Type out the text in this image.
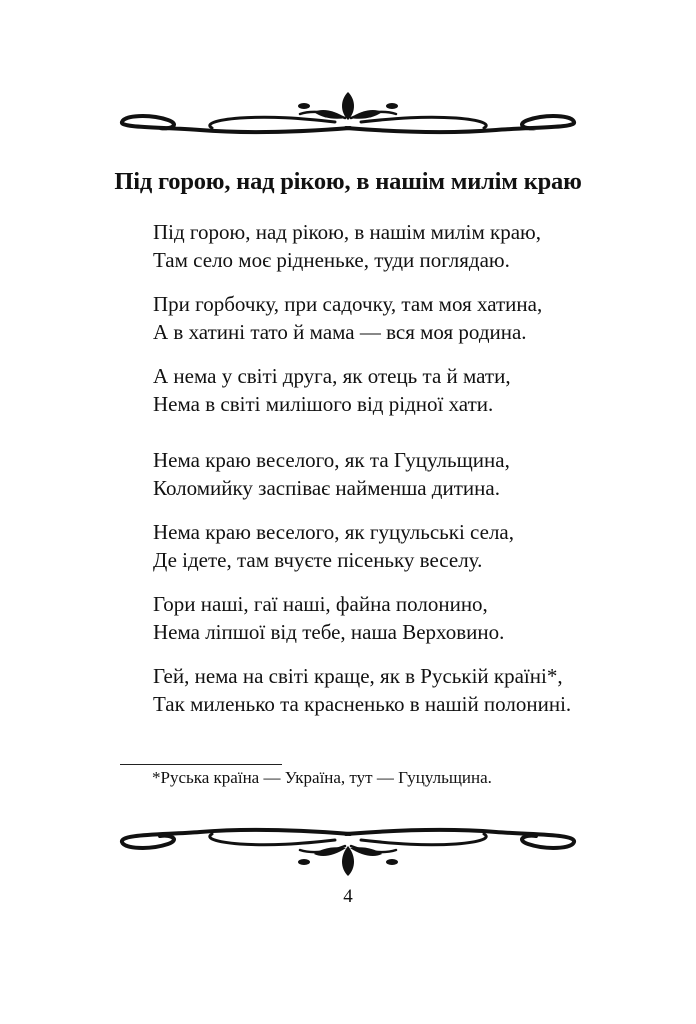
Під горою, над рікою, в нашім милім краю
Під горою, над рікою, в нашім милім краю,
Там село моє рідненьке, туди поглядаю.
При горбочку, при садочку, там моя хатина,
А в хатині тато й мама — вся моя родина.
А нема у світі друга, як отець та й мати,
Нема в світі милішого від рідної хати.
Нема краю веселого, як та Гуцульщина,
Коломийку заспіває найменша дитина.
Нема краю веселого, як гуцульські села,
Де ідете, там вчуєте пісеньку веселу.
Гори наші, гаї наші, файна полонино,
Нема ліпшої від тебе, наша Верховино.
Гей, нема на світі краще, як в Руській країні*,
Так миленько та красненько в нашій полонині.
*Руська країна — Україна, тут — Гуцульщина.
4
